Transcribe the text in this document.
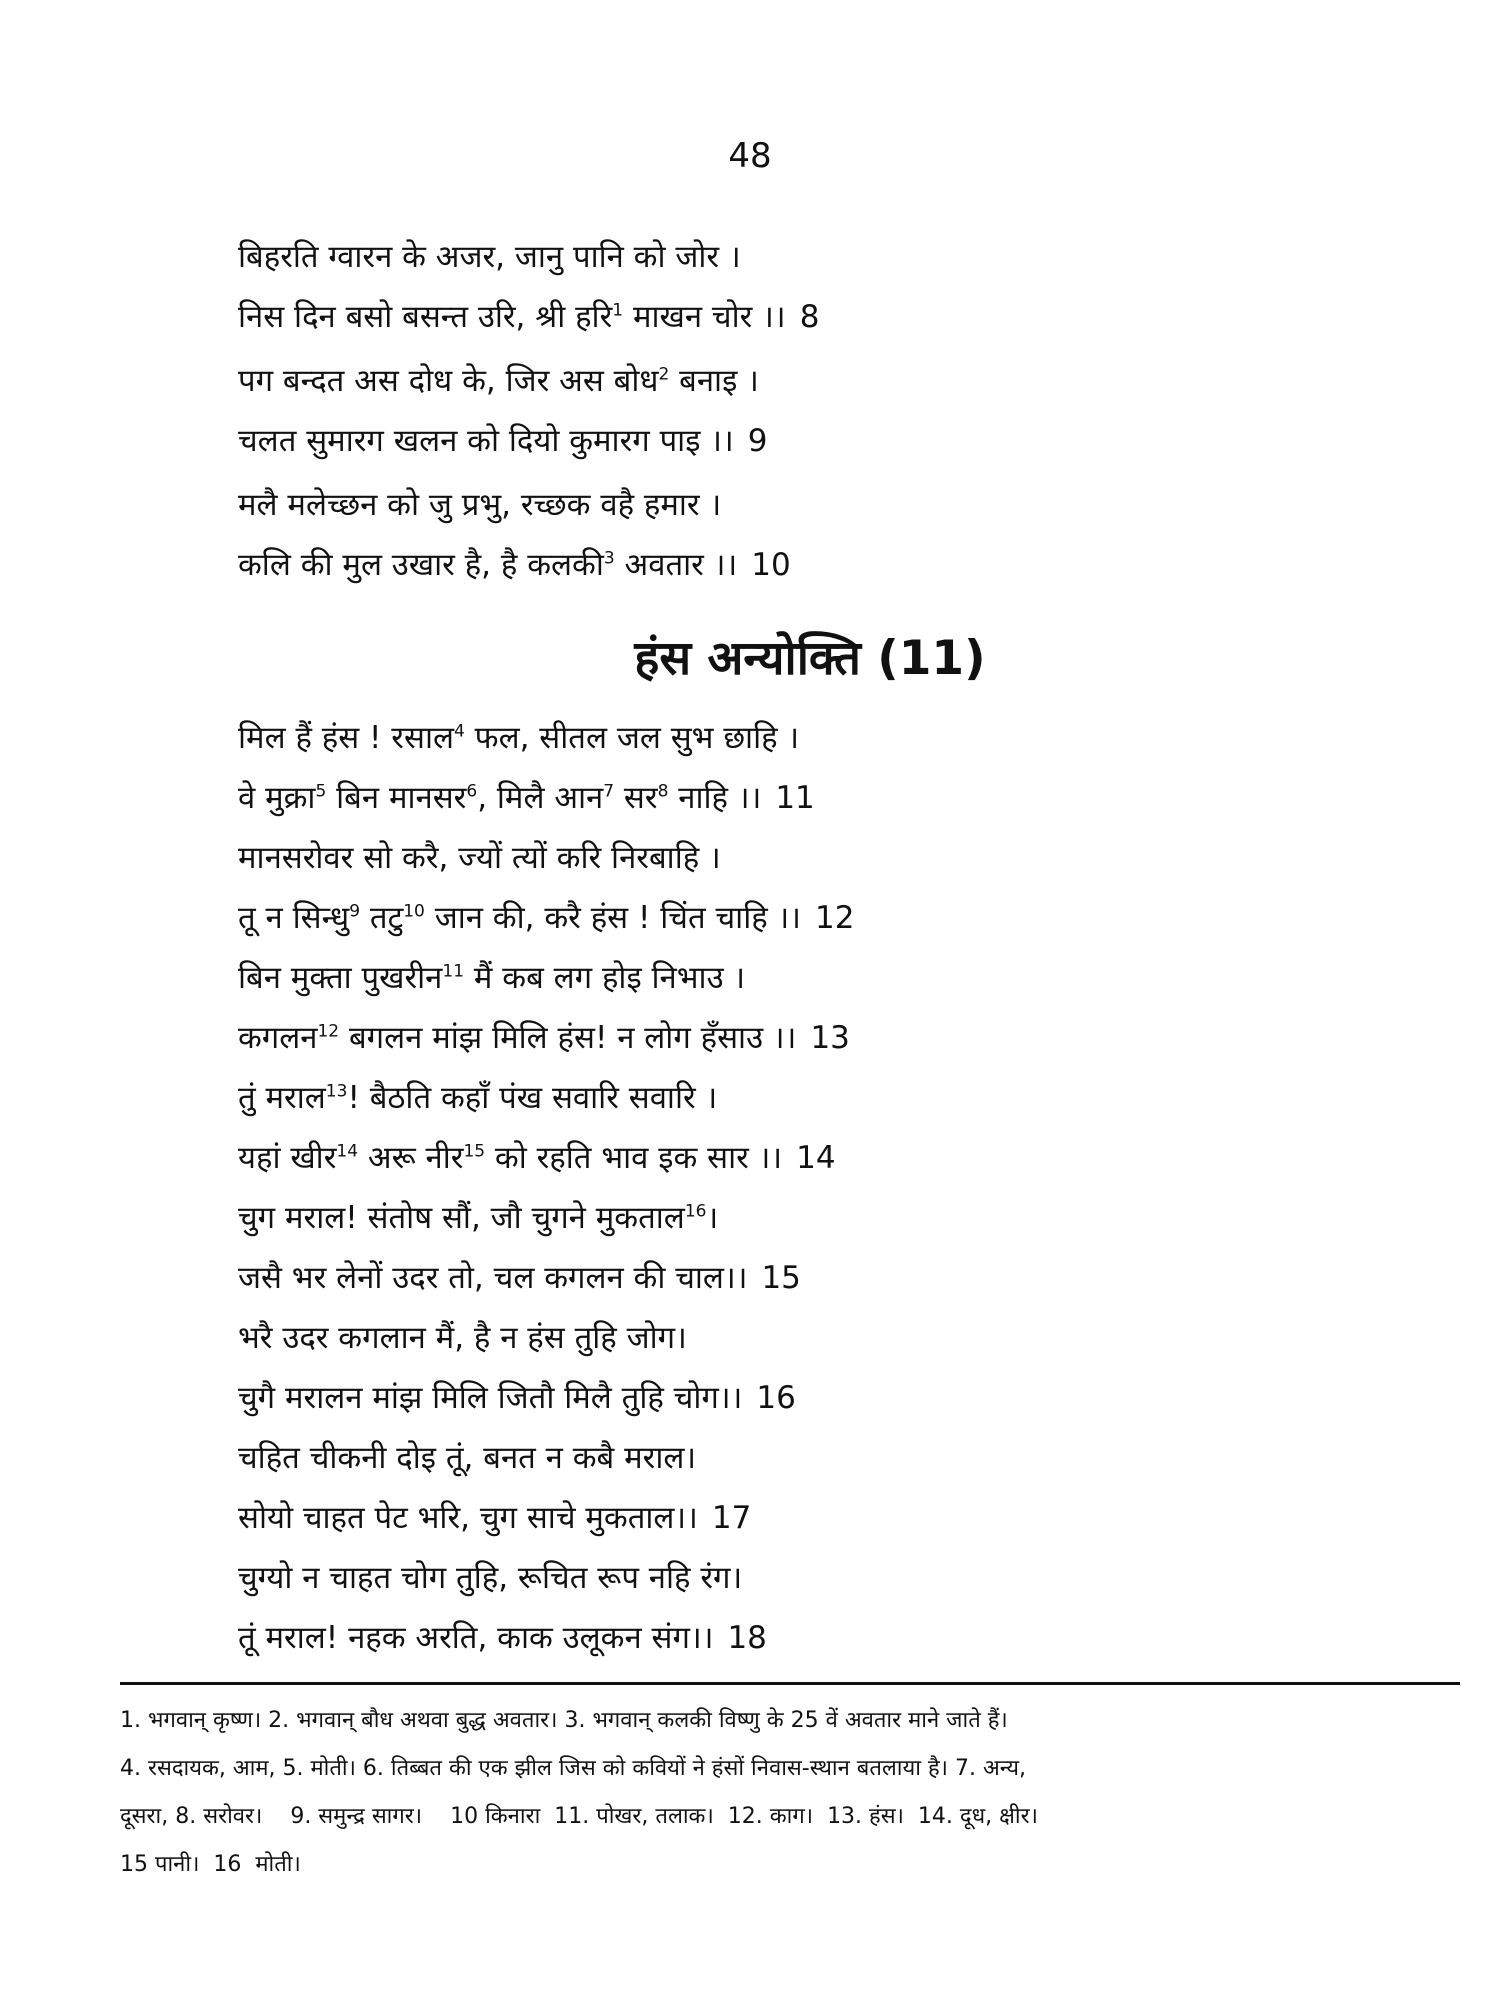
48
बिहरति ग्वारन के अजर, जानु पानि को जोर ।
निस दिन बसो बसन्त उरि, श्री हरि$^1$ माखन चोर ।। 8
पग बन्दत अस दोध के, जिर अस बोध$^2$ बनाइ ।
चलत सुमारग खलन को दियो कुमारग पाइ ।। 9
मलै मलेच्छन को जु प्रभु, रच्छक वहै हमार ।
कलि की मुल उखार है, है कलकी$^3$ अवतार ।। 10
हंस अन्योक्ति (11)
मिल हैं हंस ! रसाल$^4$ फल, सीतल जल सुभ छाहि ।
वे मुक्रा$^5$ बिन मानसर$^6$, मिलै आन$^7$ सर$^8$ नाहि ।। 11
मानसरोवर सो करै, ज्यों त्यों करि निरबाहि ।
तू न सिन्धु$^9$ तटु$^{10}$ जान की, करै हंस ! चिंत चाहि ।। 12
बिन मुक्ता पुखरीन$^{11}$ मैं कब लग होइ निभाउ ।
कगलन$^{12}$ बगलन मांझ मिलि हंस! न लोग हँसाउ ।। 13
तुं मराल$^{13}$! बैठति कहाँ पंख सवारि सवारि ।
यहां खीर$^{14}$ अरू नीर$^{15}$ को रहति भाव इक सार ।। 14
चुग मराल! संतोष सौं, जौ चुगने मुकताल$^{16}$।
जसै भर लेनों उदर तो, चल कगलन की चाल।। 15
भरै उदर कगलान मैं, है न हंस तुहि जोग।
चुगै मरालन मांझ मिलि जितौ मिलै तुहि चोग।। 16
चहित चीकनी दोइ तूं, बनत न कबै मराल।
सोयो चाहत पेट भरि, चुग साचे मुकताल।। 17
चुग्यो न चाहत चोग तुहि, रूचित रूप नहि रंग।
तूं मराल! नहक अरति, काक उलूकन संग।। 18

1. भगवान् कृष्ण। 2. भगवान् बौध अथवा बुद्ध अवतार। 3. भगवान् कलकी विष्णु के 25 वें अवतार माने जाते हैं।

4. रसदायक, आम, 5. मोती। 6. तिब्बत की एक झील जिस को कवियों ने हंसों निवास-स्थान बतलाया है। 7. अन्य,

दूसरा, 8. सरोवर।    9. समुन्द्र सागर।    10 किनारा  11. पोखर, तलाक।  12. काग।  13. हंस।  14. दूध, क्षीर।

15 पानी।  16  मोती।
